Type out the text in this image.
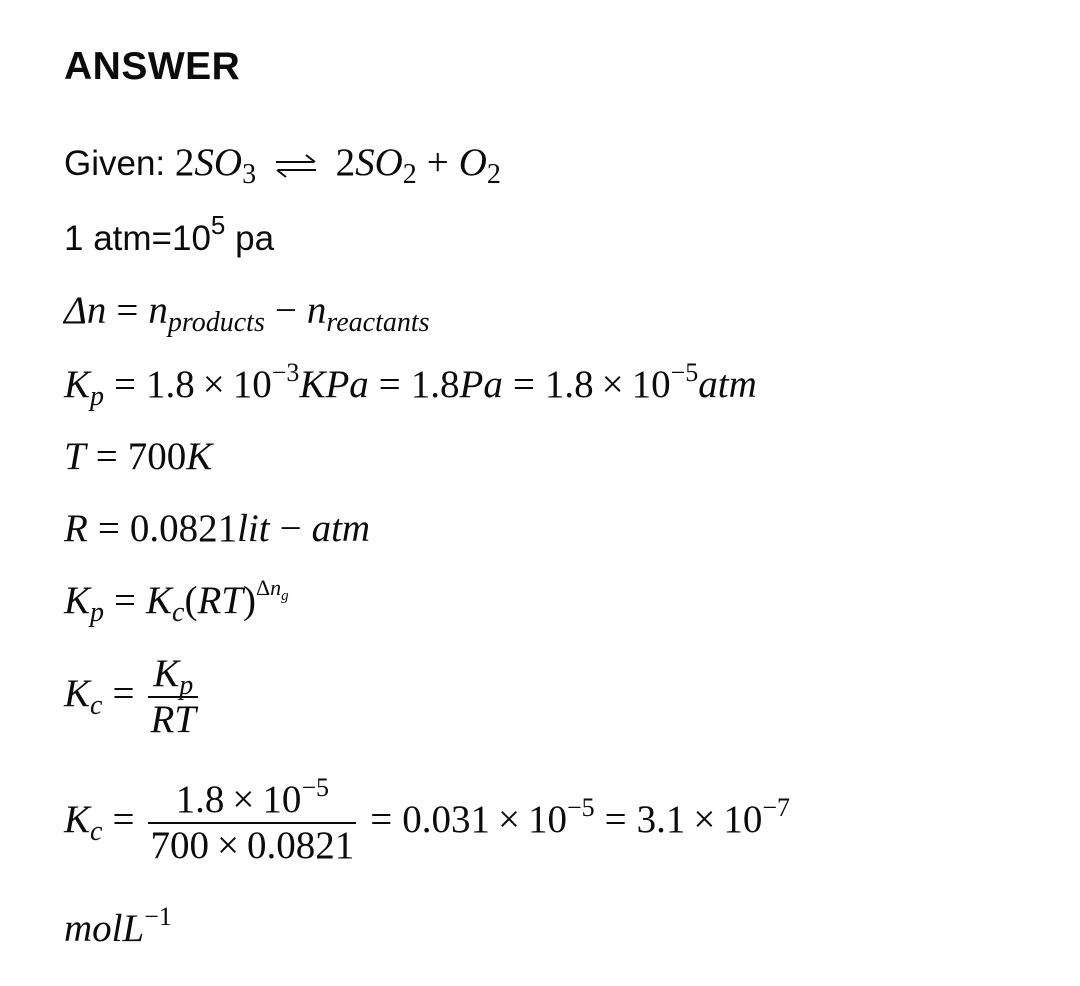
ANSWER
Given: $2SO_3$ ⇌ $2SO_2 + O_2$
1 $atm=10^5$ pa
$\Delta n = n_{products} - n_{reactants}$
$K_p = 1.8 \times 10^{-3}KPa = 1.8Pa = 1.8 \times 10^{-5}atm$
T = 700K
R = 0.0821lit − atm
$K_p = K_c(RT)^{\Delta n_g}$
$K_c = \frac{K_p}{RT}$
$K_c = \frac{1.8 \times 10^{-5}}{700 \times 0.0821} = 0.031 \times 10^{-5} = 3.1 \times 10^{-7}$
molL$^{-1}$
